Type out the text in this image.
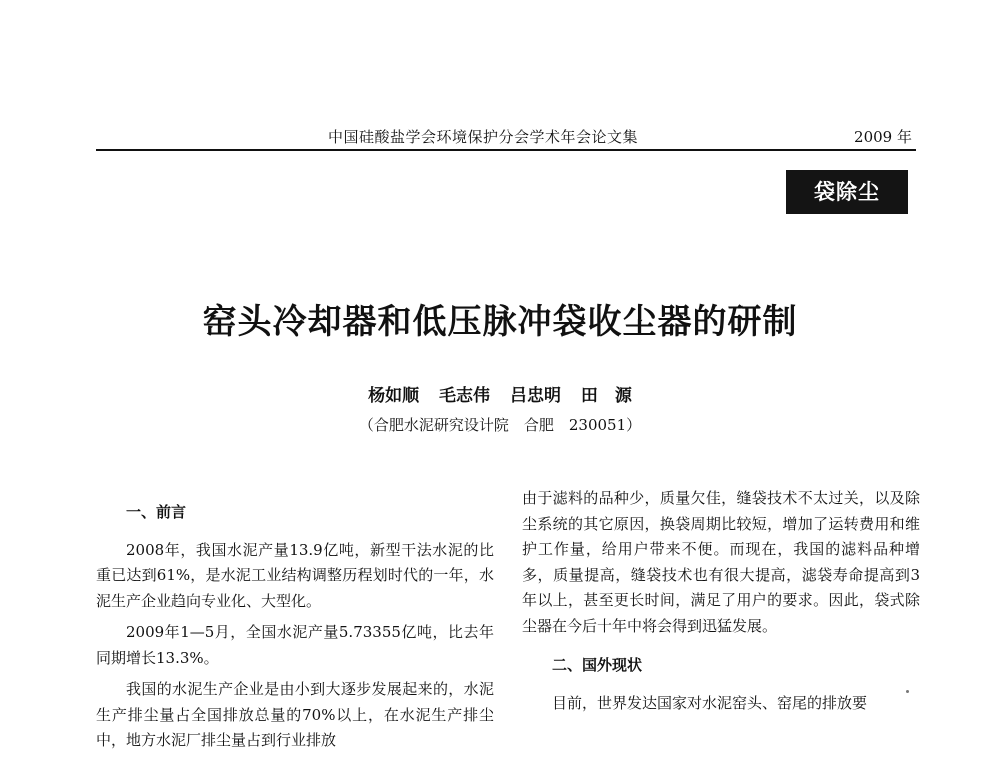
中国硅酸盐学会环境保护分会学术年会论文集	2009 年
袋除尘
窑头冷却器和低压脉冲袋收尘器的研制
杨如顺 毛志伟 吕忠明 田　源
（合肥水泥研究设计院　合肥　230051）
一、前言

2008年，我国水泥产量13.9亿吨，新型干法水泥的比重已达到61%，是水泥工业结构调整历程划时代的一年，水泥生产企业趋向专业化、大型化。

2009年1—5月，全国水泥产量5.73355亿吨，比去年同期增长13.3%。

我国的水泥生产企业是由小到大逐步发展起来的，水泥生产排尘量占全国排放总量的70%以上，在水泥生产排尘中，地方水泥厂排尘量占到行业排放

由于滤料的品种少，质量欠佳，缝袋技术不太过关，以及除尘系统的其它原因，换袋周期比较短，增加了运转费用和维护工作量，给用户带来不便。而现在，我国的滤料品种增多，质量提高，缝袋技术也有很大提高，滤袋寿命提高到3年以上，甚至更长时间，满足了用户的要求。因此，袋式除尘器在今后十年中将会得到迅猛发展。

二、国外现状

目前，世界发达国家对水泥窑头、窑尾的排放要
